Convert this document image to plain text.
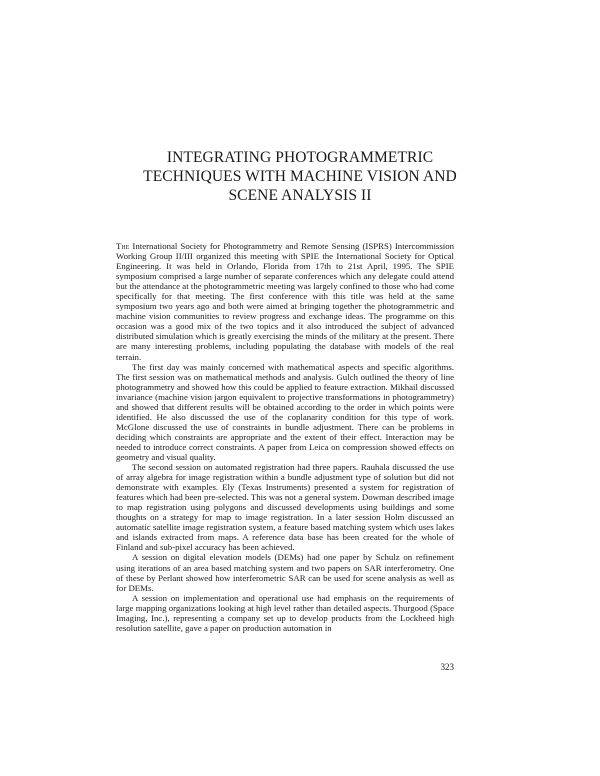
INTEGRATING PHOTOGRAMMETRIC
TECHNIQUES WITH MACHINE VISION AND
SCENE ANALYSIS II

The International Society for Photogrammetry and Remote Sensing (ISPRS) Intercommission Working Group II/III organized this meeting with SPIE the International Society for Optical Engineering. It was held in Orlando, Florida from 17th to 21st April, 1995. The SPIE symposium comprised a large number of separate conferences which any delegate could attend but the attendance at the photogrammetric meeting was largely confined to those who had come specifically for that meeting. The first conference with this title was held at the same symposium two years ago and both were aimed at bringing together the photogrammetric and machine vision communities to review progress and exchange ideas. The programme on this occasion was a good mix of the two topics and it also introduced the subject of advanced distributed simulation which is greatly exercising the minds of the military at the present. There are many interesting problems, including populating the database with models of the real terrain.

The first day was mainly concerned with mathematical aspects and specific algorithms. The first session was on mathematical methods and analysis. Gulch outlined the theory of line photogrammetry and showed how this could be applied to feature extraction. Mikhail discussed invariance (machine vision jargon equivalent to projective transformations in photogrammetry) and showed that different results will be obtained according to the order in which points were identified. He also discussed the use of the coplanarity condition for this type of work. McGlone discussed the use of constraints in bundle adjustment. There can be problems in deciding which constraints are appropriate and the extent of their effect. Interaction may be needed to introduce correct constraints. A paper from Leica on compression showed effects on geometry and visual quality.

The second session on automated registration had three papers. Rauhala discussed the use of array algebra for image registration within a bundle adjustment type of solution but did not demonstrate with examples. Ely (Texas Instruments) presented a system for registration of features which had been pre-selected. This was not a general system. Dowman described image to map registration using polygons and discussed developments using buildings and some thoughts on a strategy for map to image registration. In a later session Holm discussed an automatic satellite image registration system, a feature based matching system which uses lakes and islands extracted from maps. A reference data base has been created for the whole of Finland and sub-pixel accuracy has been achieved.

A session on digital elevation models (DEMs) had one paper by Schulz on refinement using iterations of an area based matching system and two papers on SAR interferometry. One of these by Perlant showed how interferometric SAR can be used for scene analysis as well as for DEMs.

A session on implementation and operational use had emphasis on the requirements of large mapping organizations looking at high level rather than detailed aspects. Thurgood (Space Imaging, Inc.), representing a company set up to develop products from the Lockheed high resolution satellite, gave a paper on production automation in

323
